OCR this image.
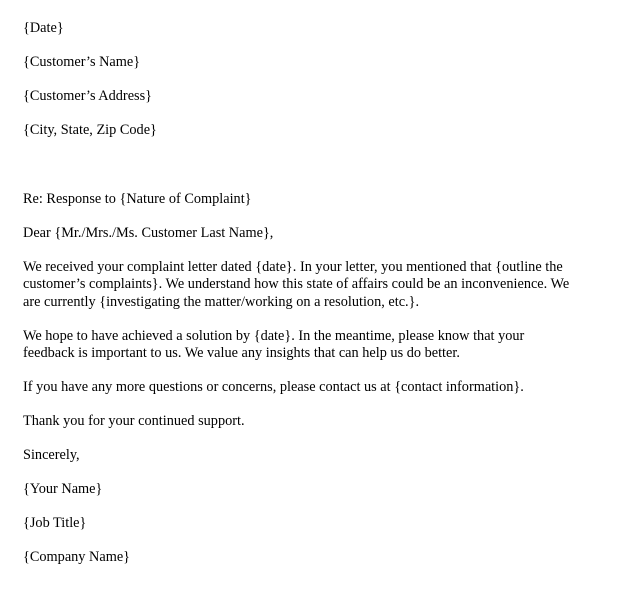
{Date}

{Customer’s Name}

{Customer’s Address}

{City, State, Zip Code}

Re: Response to {Nature of Complaint}

Dear {Mr./Mrs./Ms. Customer Last Name},

We received your complaint letter dated {date}. In your letter, you mentioned that {outline the

customer’s complaints}. We understand how this state of affairs could be an inconvenience. We

are currently {investigating the matter/working on a resolution, etc.}.

We hope to have achieved a solution by {date}. In the meantime, please know that your

feedback is important to us. We value any insights that can help us do better.

If you have any more questions or concerns, please contact us at {contact information}.

Thank you for your continued support.

Sincerely,

{Your Name}

{Job Title}

{Company Name}
